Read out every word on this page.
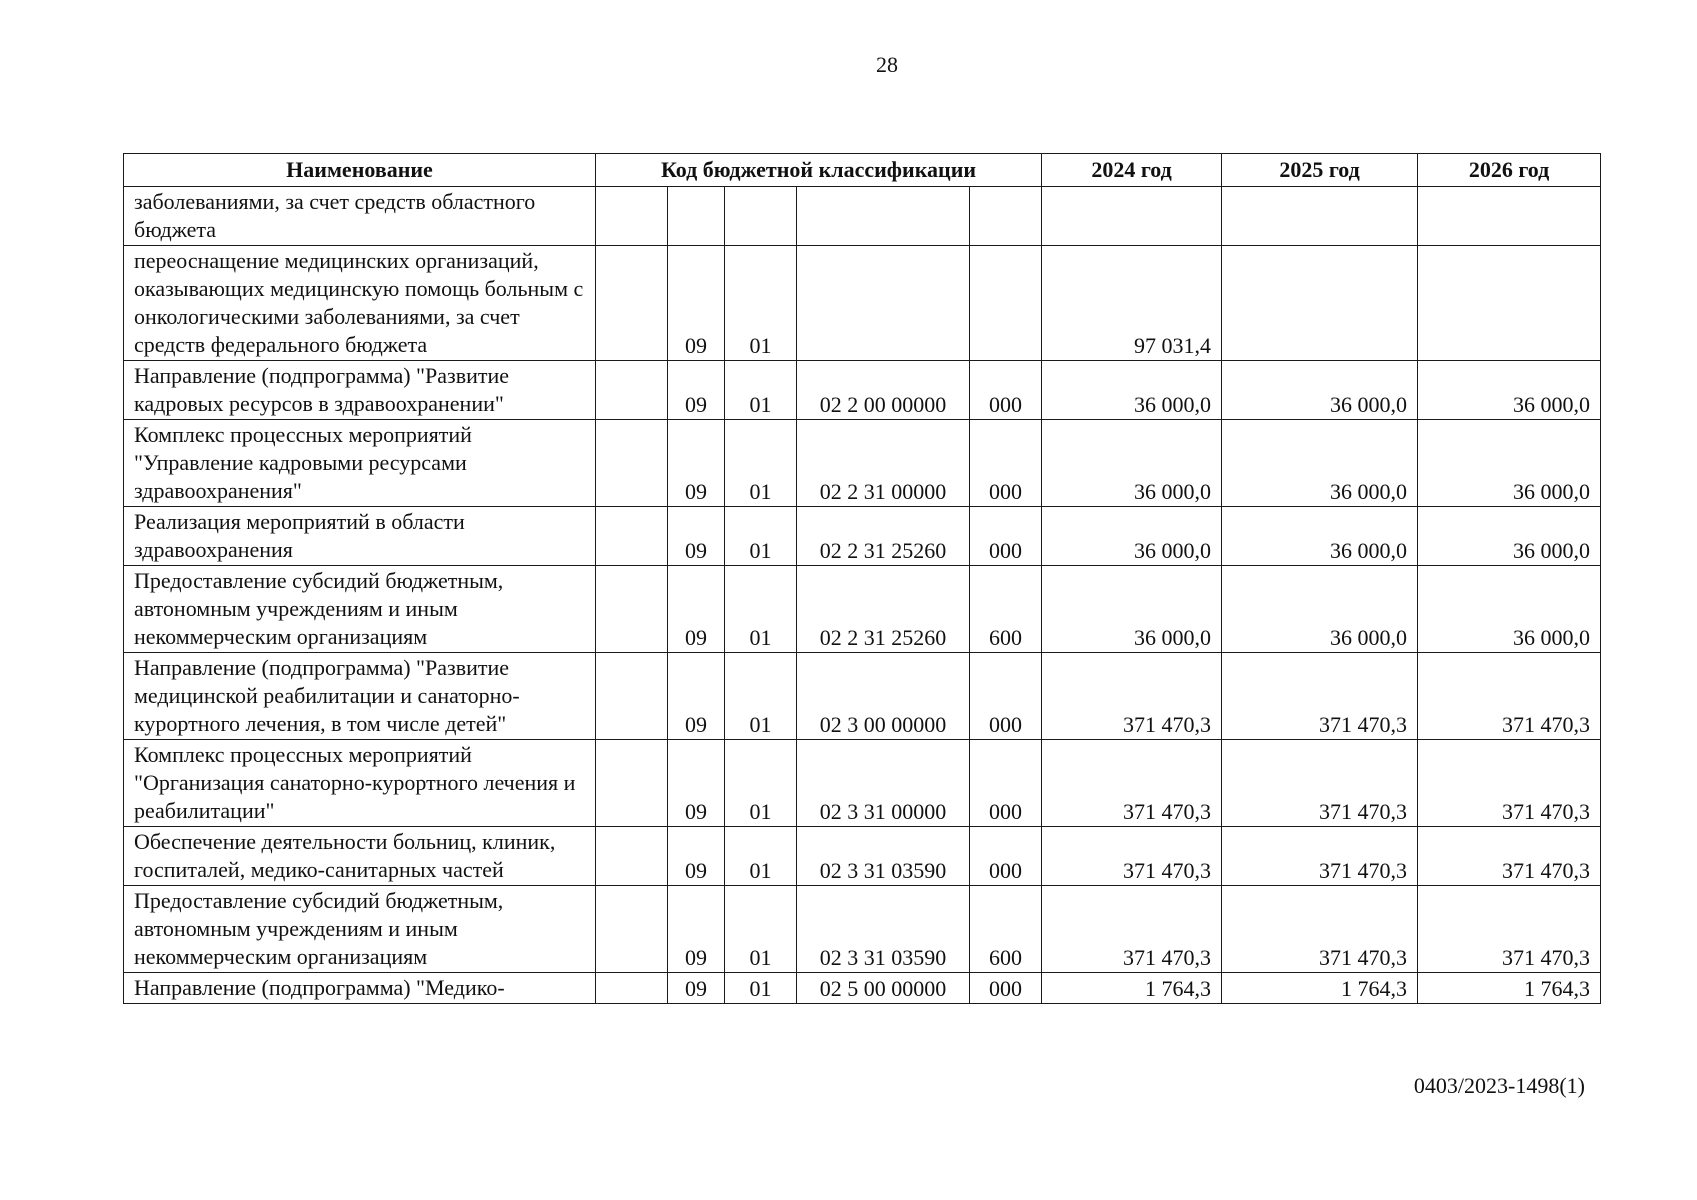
28
Наименование	Код бюджетной классификации					2024 год	2025 год	2026 год
заболеваниями, за счет средств областного бюджета								
переоснащение медицинских организаций, оказывающих медицинскую помощь больным с онкологическими заболеваниями, за счет средств федерального бюджета		09	01			97 031,4		
Направление (подпрограмма) "Развитие кадровых ресурсов в здравоохранении"		09	01	02 2 00 00000	000	36 000,0	36 000,0	36 000,0
Комплекс процессных мероприятий "Управление кадровыми ресурсами здравоохранения"		09	01	02 2 31 00000	000	36 000,0	36 000,0	36 000,0
Реализация мероприятий в области здравоохранения		09	01	02 2 31 25260	000	36 000,0	36 000,0	36 000,0
Предоставление субсидий бюджетным, автономным учреждениям и иным некоммерческим организациям		09	01	02 2 31 25260	600	36 000,0	36 000,0	36 000,0
Направление (подпрограмма) "Развитие медицинской реабилитации и санаторно-курортного лечения, в том числе детей"		09	01	02 3 00 00000	000	371 470,3	371 470,3	371 470,3
Комплекс процессных мероприятий "Организация санаторно-курортного лечения и реабилитации"		09	01	02 3 31 00000	000	371 470,3	371 470,3	371 470,3
Обеспечение деятельности больниц, клиник, госпиталей, медико-санитарных частей		09	01	02 3 31 03590	000	371 470,3	371 470,3	371 470,3
Предоставление субсидий бюджетным, автономным учреждениям и иным некоммерческим организациям		09	01	02 3 31 03590	600	371 470,3	371 470,3	371 470,3
Направление (подпрограмма) "Медико-		09	01	02 5 00 00000	000	1 764,3	1 764,3	1 764,3
0403/2023-1498(1)
